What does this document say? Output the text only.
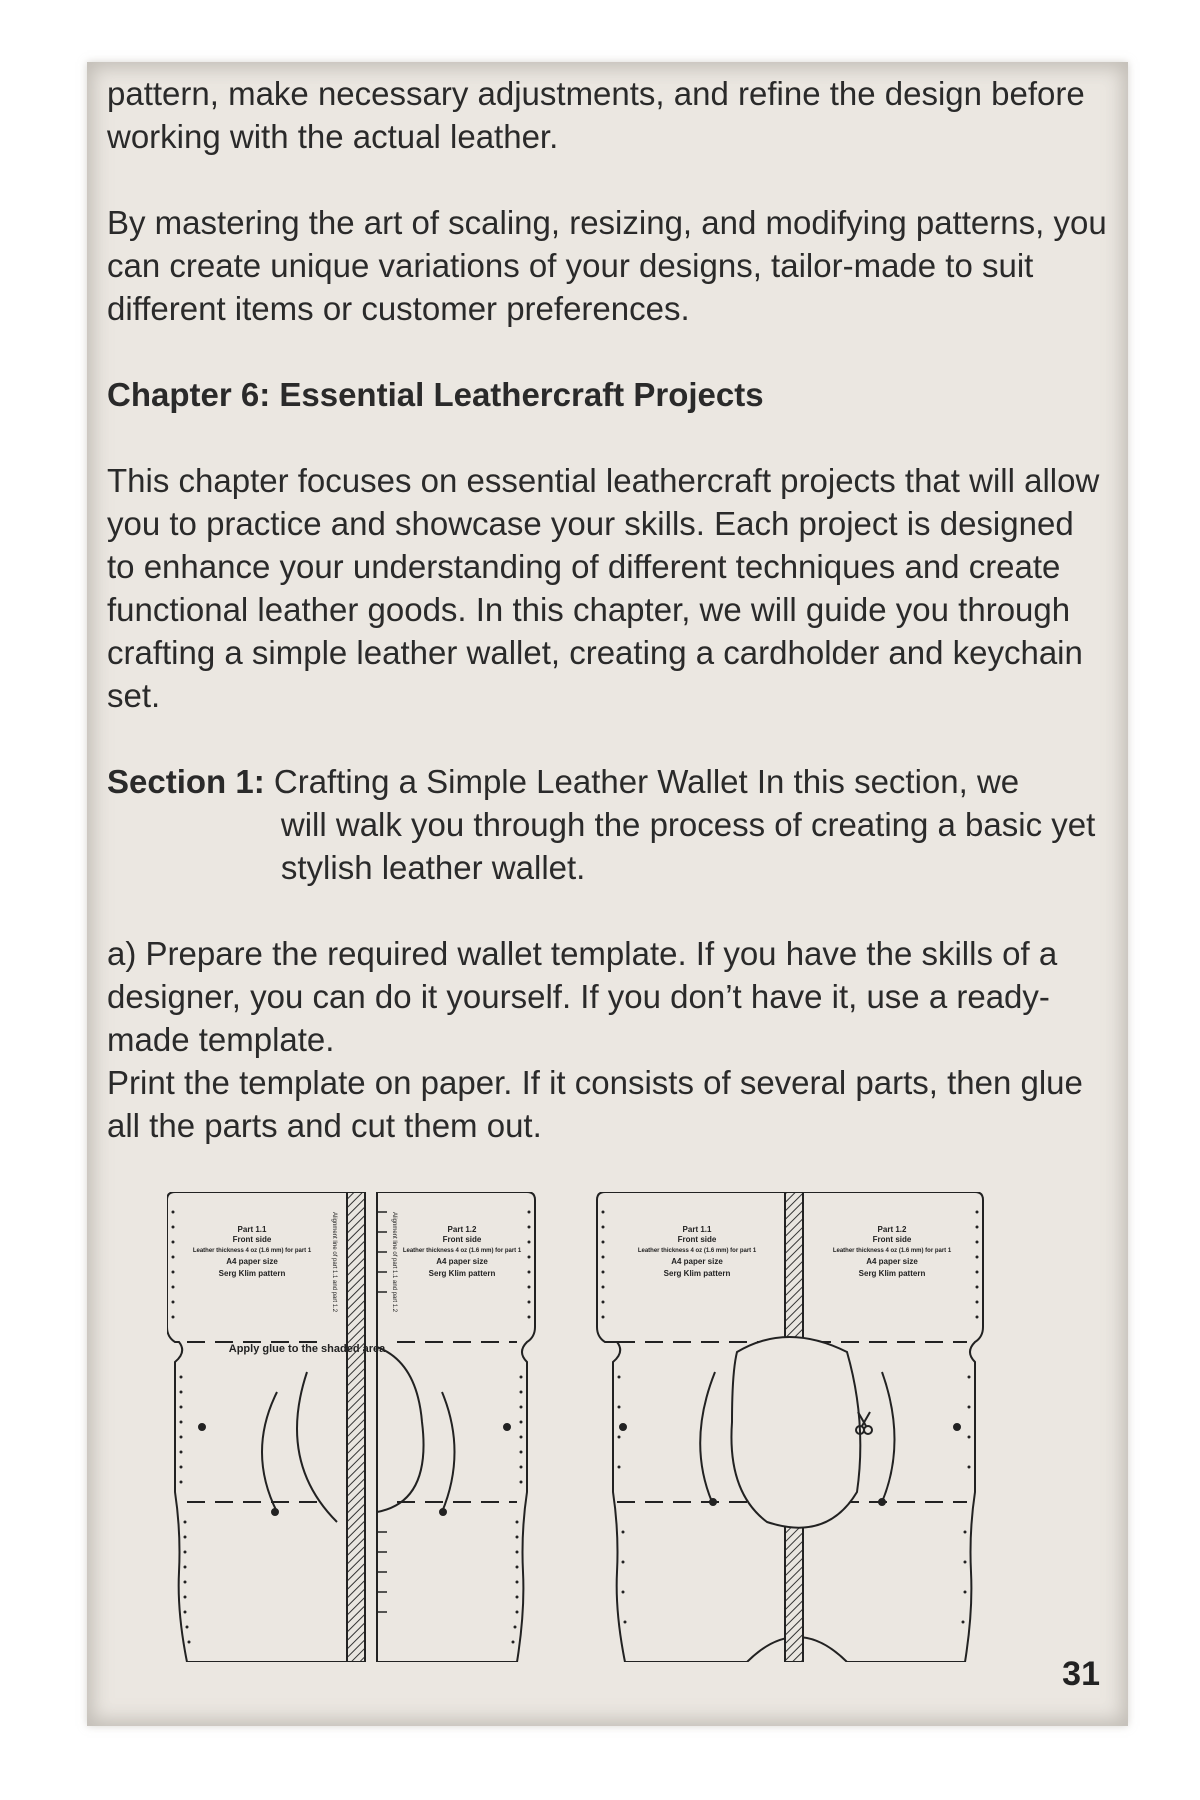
pattern, make necessary adjustments, and refine the design before working with the actual leather.

By mastering the art of scaling, resizing, and modifying patterns, you can create unique variations of your designs, tailor-made to suit different items or customer preferences.

Chapter 6: Essential Leathercraft Projects

This chapter focuses on essential leathercraft projects that will allow you to practice and showcase your skills. Each project is designed to enhance your understanding of different techniques and create functional leather goods. In this chapter, we will guide you through crafting a simple leather wallet, creating a cardholder and keychain set.

Section 1: Crafting a Simple Leather Wallet In this section, we
will walk you through the process of creating a basic yet stylish leather wallet.

a) Prepare the required wallet template. If you have the skills of a designer, you can do it yourself. If you don’t have it, use a ready-made template.

Print the template on paper. If it consists of several parts, then glue all the parts and cut them out.

Part 1.1
Front side
Leather thickness 4 oz (1.6 mm) for part 1
A4 paper size
Serg Klim pattern	Alignment line of part 1.1 and part 1.2
Apply glue to the shaded area
Part 1.2
Front side
Leather thickness 4 oz (1.6 mm) for part 1
A4 paper size
Serg Klim pattern
Alignment line of part 1.1 and part 1.2	Part 1.1
Front side
Leather thickness 4 oz (1.6 mm) for part 1
A4 paper size
Serg Klim pattern
Part 1.2
Front side
Leather thickness 4 oz (1.6 mm) for part 1
A4 paper size
Serg Klim pattern
31
